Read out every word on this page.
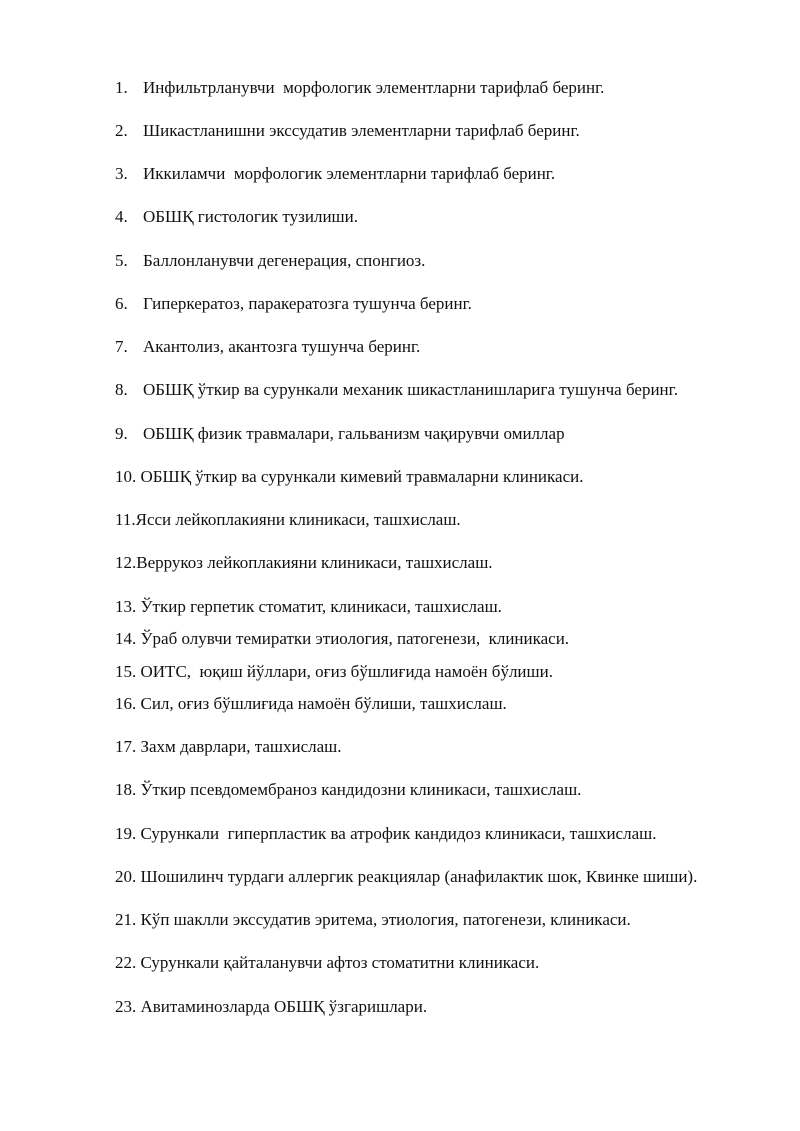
1. Инфильтрланувчи  морфологик элементларни тарифлаб беринг.
2. Шикастланишни экссудатив элементларни тарифлаб беринг.
3. Иккиламчи  морфологик элементларни тарифлаб беринг.
4. ОБШҚ гистологик тузилиши.
5. Баллонланувчи дегенерация, спонгиоз.
6. Гиперкератоз, паракератозга тушунча беринг.
7. Акантолиз, акантозга тушунча беринг.
8. ОБШҚ ўткир ва сурункали механик шикастланишларига тушунча беринг.
9. ОБШҚ физик травмалари, гальванизм чақирувчи омиллар
10. ОБШҚ ўткир ва сурункали кимевий травмаларни клиникаси.
11.Ясси лейкоплакияни клиникаси, ташхислаш.
12.Веррукоз лейкоплакияни клиникаси, ташхислаш.
13. Ўткир герпетик стоматит, клиникаси, ташхислаш.
14. Ўраб олувчи темиратки этиология, патогенези,  клиникаси.
15. ОИТС,  юқиш йўллари, оғиз бўшлиғида намоён бўлиши.
16. Сил, оғиз бўшлиғида намоён бўлиши, ташхислаш.
17. Захм даврлари, ташхислаш.
18. Ўткир псевдомембраноз кандидозни клиникаси, ташхислаш.
19. Сурункали  гиперпластик ва атрофик кандидоз клиникаси, ташхислаш.
20. Шошилинч турдаги аллергик реакциялар (анафилактик шок, Квинке шиши).
21. Кўп шаклли экссудатив эритема, этиология, патогенези, клиникаси.
22. Сурункали қайталанувчи афтоз стоматитни клиникаси.
23. Авитаминозларда ОБШҚ ўзгаришлари.
